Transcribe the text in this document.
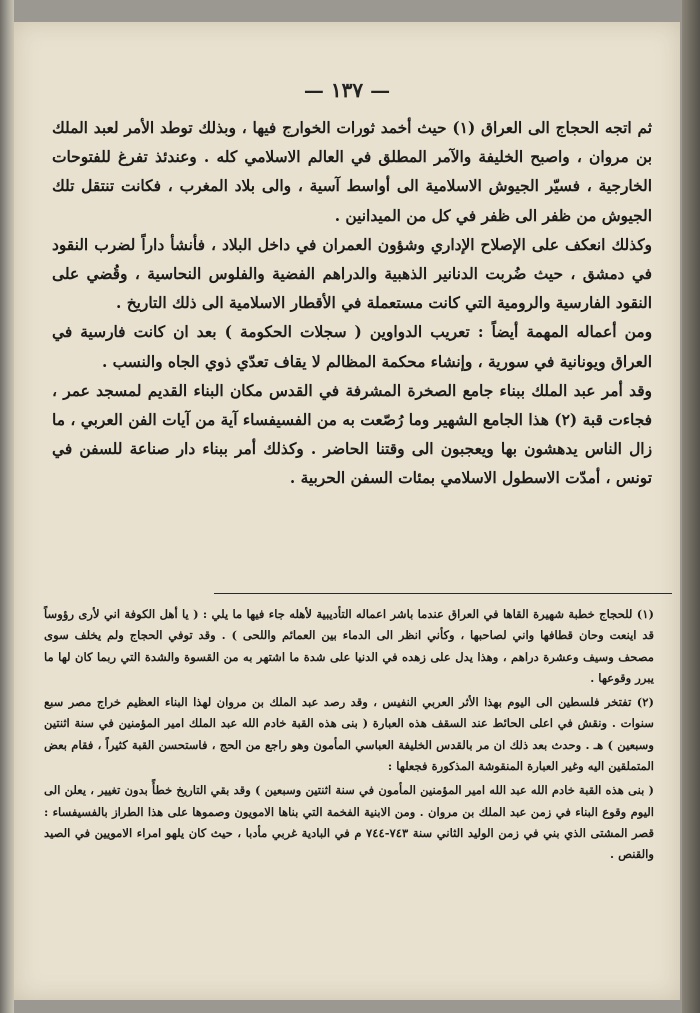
— ١٣٧ —

ثم اتجه الحجاج الى العراق (١) حيث أخمد ثورات الخوارج فيها ، وبذلك توطد الأمر لعبد الملك بن مروان ، واصبح الخليفة والآمر المطلق في العالم الاسلامي كله . وعندئذ تفرغ للفتوحات الخارجية ، فسيّر الجيوش الاسلامية الى أواسط آسية ، والى بلاد المغرب ، فكانت تنتقل تلك الجيوش من ظفر الى ظفر في كل من الميدانين .

وكذلك انعكف على الإصلاح الإداري وشؤون العمران في داخل البلاد ، فأنشأ داراً لضرب النقود في دمشق ، حيث ضُربت الدنانير الذهبية والدراهم الفضية والفلوس النحاسية ، وقُضي على النقود الفارسية والرومية التي كانت مستعملة في الأقطار الاسلامية الى ذلك التاريخ .

ومن أعماله المهمة أيضاً : تعريب الدواوين ( سجلات الحكومة ) بعد ان كانت فارسية في العراق ويونانية في سورية ، وإنشاء محكمة المظالم لا يقاف تعدّي ذوي الجاه والنسب .

وقد أمر عبد الملك ببناء جامع الصخرة المشرفة في القدس مكان البناء القديم لمسجد عمر ، فجاءت قبة (٢) هذا الجامع الشهير وما رُصّعت به من الفسيفساء آية من آيات الفن العربي ، ما زال الناس يدهشون بها ويعجبون الى وقتنا الحاضر . وكذلك أمر ببناء دار صناعة للسفن في تونس ، أمدّت الاسطول الاسلامي بمئات السفن الحربية .

(١) للحجاج خطبة شهيرة القاها في العراق عندما باشر اعماله التأديبية لأهله جاء فيها ما يلي : ( يا أهل الكوفة اني لأرى رؤوساً قد اينعت وحان قطافها واني لصاحبها ، وكأني انظر الى الدماء بين العمائم واللحى ) . وقد توفي الحجاج ولم يخلف سوى مصحف وسيف وعشرة دراهم ، وهذا يدل على زهده في الدنيا على شدة ما اشتهر به من القسوة والشدة التي ربما كان لها ما يبرر وقوعها .

(٢) تفتخر فلسطين الى اليوم بهذا الأثر العربي النفيس ، وقد رصد عبد الملك بن مروان لهذا البناء العظيم خراج مصر سبع سنوات . ونقش في اعلى الحائط عند السقف هذه العبارة ( بنى هذه القبة خادم الله عبد الملك امير المؤمنين في سنة اثنتين وسبعين ) هـ . وحدث بعد ذلك ان مر بالقدس الخليفة العباسي المأمون وهو راجع من الحج ، فاستحسن القبة كثيراً ، فقام بعض المتملقين اليه وغير العبارة المنقوشة المذكورة فجعلها :

( بنى هذه القبة خادم الله عبد الله امير المؤمنين المأمون في سنة اثنتين وسبعين ) وقد بقي التاريخ خطأً بدون تغيير ، يعلن الى اليوم وقوع البناء في زمن عبد الملك بن مروان . ومن الابنية الفخمة التي بناها الامويون وصموها على هذا الطراز بالفسيفساء : قصر المشتى الذي بني في زمن الوليد الثاني سنة ٧٤٣-٧٤٤ م في البادية غربي مأدبا ، حيث كان يلهو امراء الامويين في الصيد والقنص .
